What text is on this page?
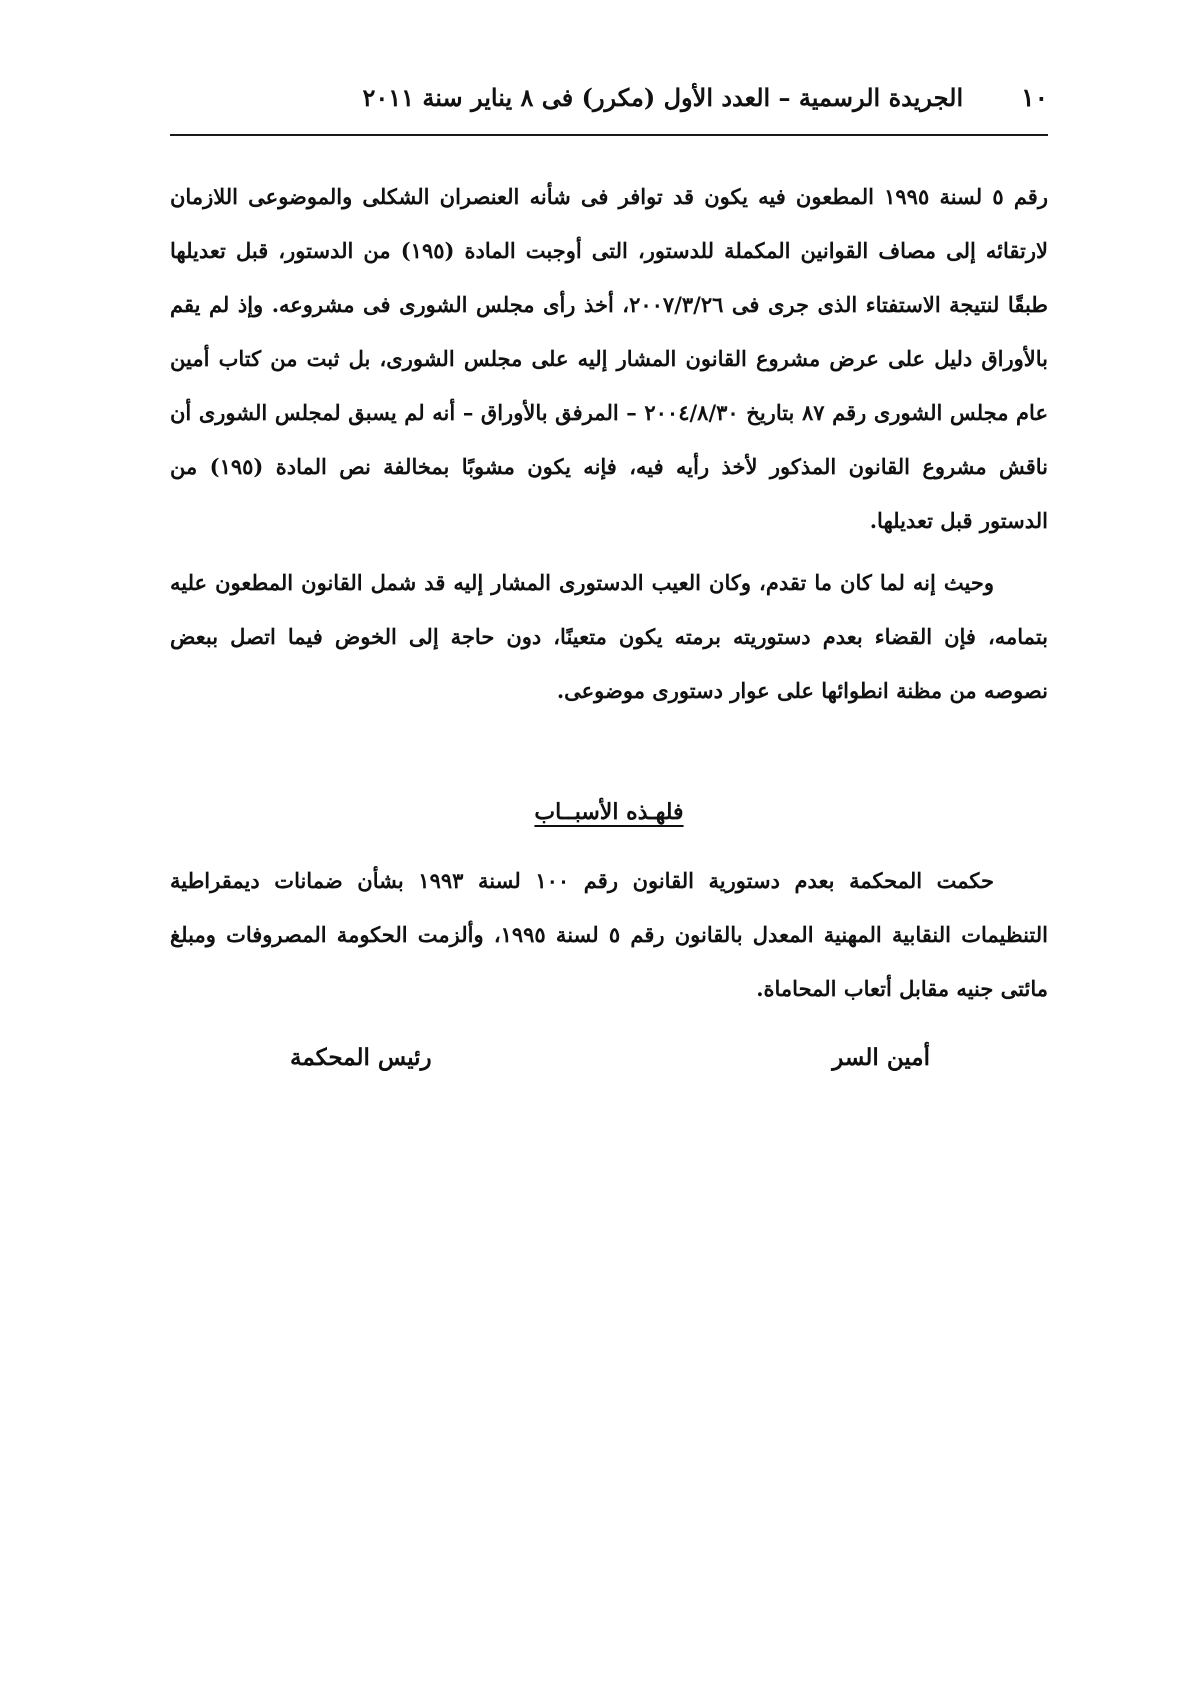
١٠
الجريدة الرسمية – العدد الأول (مكرر) فى ٨ يناير سنة ٢٠١١

رقم ٥ لسنة ١٩٩٥ المطعون فيه يكون قد توافر فى شأنه العنصران الشكلى والموضوعى اللازمان لارتقائه إلى مصاف القوانين المكملة للدستور، التى أوجبت المادة (١٩٥) من الدستور، قبل تعديلها طبقًا لنتيجة الاستفتاء الذى جرى فى ٢٠٠٧/٣/٢٦، أخذ رأى مجلس الشورى فى مشروعه. وإذ لم يقم بالأوراق دليل على عرض مشروع القانون المشار إليه على مجلس الشورى، بل ثبت من كتاب أمين عام مجلس الشورى رقم ٨٧ بتاريخ ٢٠٠٤/٨/٣٠ – المرفق بالأوراق – أنه لم يسبق لمجلس الشورى أن ناقش مشروع القانون المذكور لأخذ رأيه فيه، فإنه يكون مشوبًا بمخالفة نص المادة (١٩٥) من الدستور قبل تعديلها.

وحيث إنه لما كان ما تقدم، وكان العيب الدستورى المشار إليه قد شمل القانون المطعون عليه بتمامه، فإن القضاء بعدم دستوريته برمته يكون متعينًا، دون حاجة إلى الخوض فيما اتصل ببعض نصوصه من مظنة انطوائها على عوار دستورى موضوعى.

فلهـذه الأسبــاب

حكمت المحكمة بعدم دستورية القانون رقم ١٠٠ لسنة ١٩٩٣ بشأن ضمانات ديمقراطية التنظيمات النقابية المهنية المعدل بالقانون رقم ٥ لسنة ١٩٩٥، وألزمت الحكومة المصروفات ومبلغ مائتى جنيه مقابل أتعاب المحاماة.

أمين السر
رئيس المحكمة
